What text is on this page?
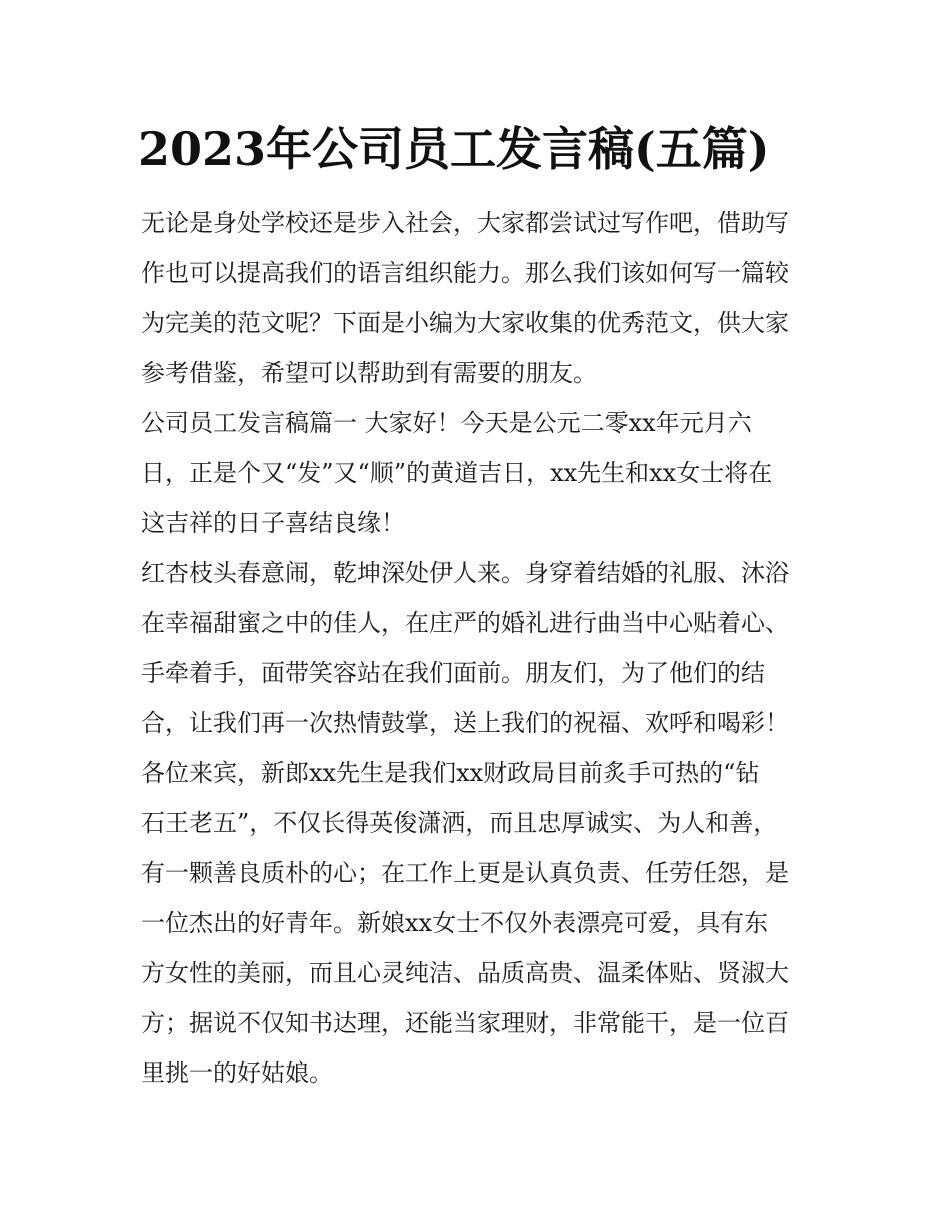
2023年公司员工发言稿(五篇)
无论是身处学校还是步入社会，大家都尝试过写作吧，借助写
作也可以提高我们的语言组织能力。那么我们该如何写一篇较
为完美的范文呢？下面是小编为大家收集的优秀范文，供大家
参考借鉴，希望可以帮助到有需要的朋友。
公司员工发言稿篇一 大家好！今天是公元二零xx年元月六
日，正是个又“发”又“顺”的黄道吉日，xx先生和xx女士将在
这吉祥的日子喜结良缘！
红杏枝头春意闹，乾坤深处伊人来。身穿着结婚的礼服、沐浴
在幸福甜蜜之中的佳人，在庄严的婚礼进行曲当中心贴着心、
手牵着手，面带笑容站在我们面前。朋友们，为了他们的结
合，让我们再一次热情鼓掌，送上我们的祝福、欢呼和喝彩！
各位来宾，新郎xx先生是我们xx财政局目前炙手可热的“钻
石王老五”，不仅长得英俊潇洒，而且忠厚诚实、为人和善，
有一颗善良质朴的心；在工作上更是认真负责、任劳任怨，是
一位杰出的好青年。新娘xx女士不仅外表漂亮可爱，具有东
方女性的美丽，而且心灵纯洁、品质高贵、温柔体贴、贤淑大
方；据说不仅知书达理，还能当家理财，非常能干，是一位百
里挑一的好姑娘。
